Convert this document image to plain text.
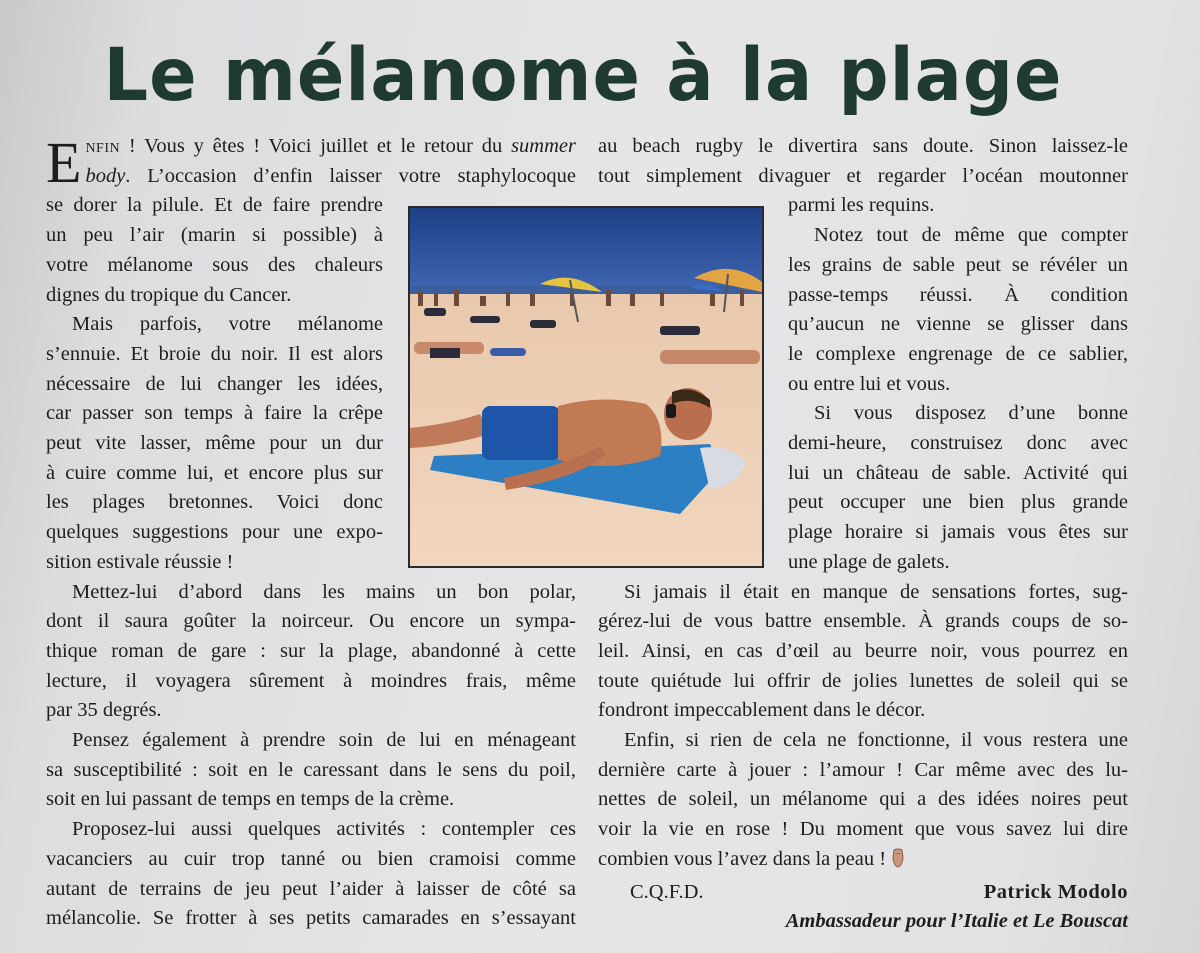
Le mélanome à la plage
E nfin ! Vous y êtes ! Voici juillet et le retour du summer
body. L’occasion d’enfin laisser votre staphylocoque
se dorer la pilule. Et de faire prendre
un peu l’air (marin si possible) à
votre mélanome sous des chaleurs
dignes du tropique du Cancer.
Mais parfois, votre mélanome
s’ennuie. Et broie du noir. Il est alors
nécessaire de lui changer les idées,
car passer son temps à faire la crêpe
peut vite lasser, même pour un dur
à cuire comme lui, et encore plus sur
les plages bretonnes. Voici donc
quelques suggestions pour une expo-
sition estivale réussie !
Mettez-lui d’abord dans les mains un bon polar,
dont il saura goûter la noirceur. Ou encore un sympa-
thique roman de gare : sur la plage, abandonné à cette
lecture, il voyagera sûrement à moindres frais, même
par 35 degrés.
Pensez également à prendre soin de lui en ménageant
sa susceptibilité : soit en le caressant dans le sens du poil,
soit en lui passant de temps en temps de la crème.
Proposez-lui aussi quelques activités : contempler ces
vacanciers au cuir trop tanné ou bien cramoisi comme
autant de terrains de jeu peut l’aider à laisser de côté sa
mélancolie. Se frotter à ses petits camarades en s’essayant
au beach rugby le divertira sans doute. Sinon laissez-le
tout simplement divaguer et regarder l’océan moutonner
parmi les requins.
Notez tout de même que compter
les grains de sable peut se révéler un
passe-temps réussi. À condition
qu’aucun ne vienne se glisser dans
le complexe engrenage de ce sablier,
ou entre lui et vous.
Si vous disposez d’une bonne
demi-heure, construisez donc avec
lui un château de sable. Activité qui
peut occuper une bien plus grande
plage horaire si jamais vous êtes sur
une plage de galets.
Si jamais il était en manque de sensations fortes, sug-
gérez-lui de vous battre ensemble. À grands coups de so-
leil. Ainsi, en cas d’œil au beurre noir, vous pourrez en
toute quiétude lui offrir de jolies lunettes de soleil qui se
fondront impeccablement dans le décor.
Enfin, si rien de cela ne fonctionne, il vous restera une
dernière carte à jouer : l’amour ! Car même avec des lu-
nettes de soleil, un mélanome qui a des idées noires peut
voir la vie en rose ! Du moment que vous savez lui dire
combien vous l’avez dans la peau !
C.Q.F.D.	Patrick Modolo
Ambassadeur pour l’Italie et Le Bouscat
